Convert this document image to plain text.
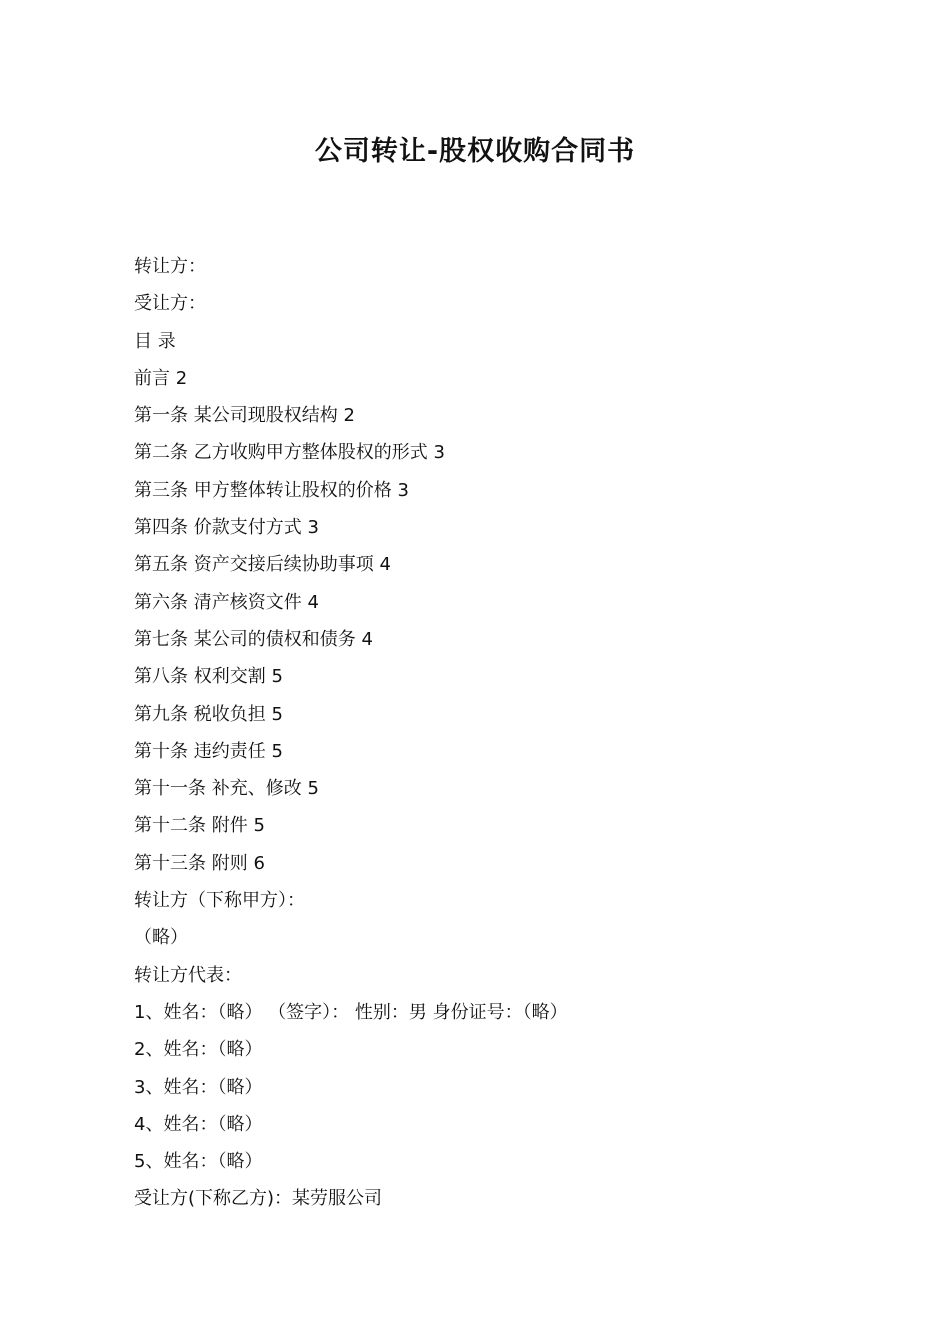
公司转让-股权收购合同书

转让方：

受让方：

目 录

前言 2

第一条 某公司现股权结构 2

第二条 乙方收购甲方整体股权的形式 3

第三条 甲方整体转让股权的价格 3

第四条 价款支付方式 3

第五条 资产交接后续协助事项 4

第六条 清产核资文件 4

第七条 某公司的债权和债务 4

第八条 权利交割 5

第九条 税收负担 5

第十条 违约责任 5

第十一条 补充、修改 5

第十二条 附件 5

第十三条 附则 6

转让方（下称甲方）：

（略）

转让方代表：

1、姓名：（略） （签字）： 性别：男 身份证号：（略）

2、姓名：（略）

3、姓名：（略）

4、姓名：（略）

5、姓名：（略）

受让方(下称乙方)：某劳服公司
